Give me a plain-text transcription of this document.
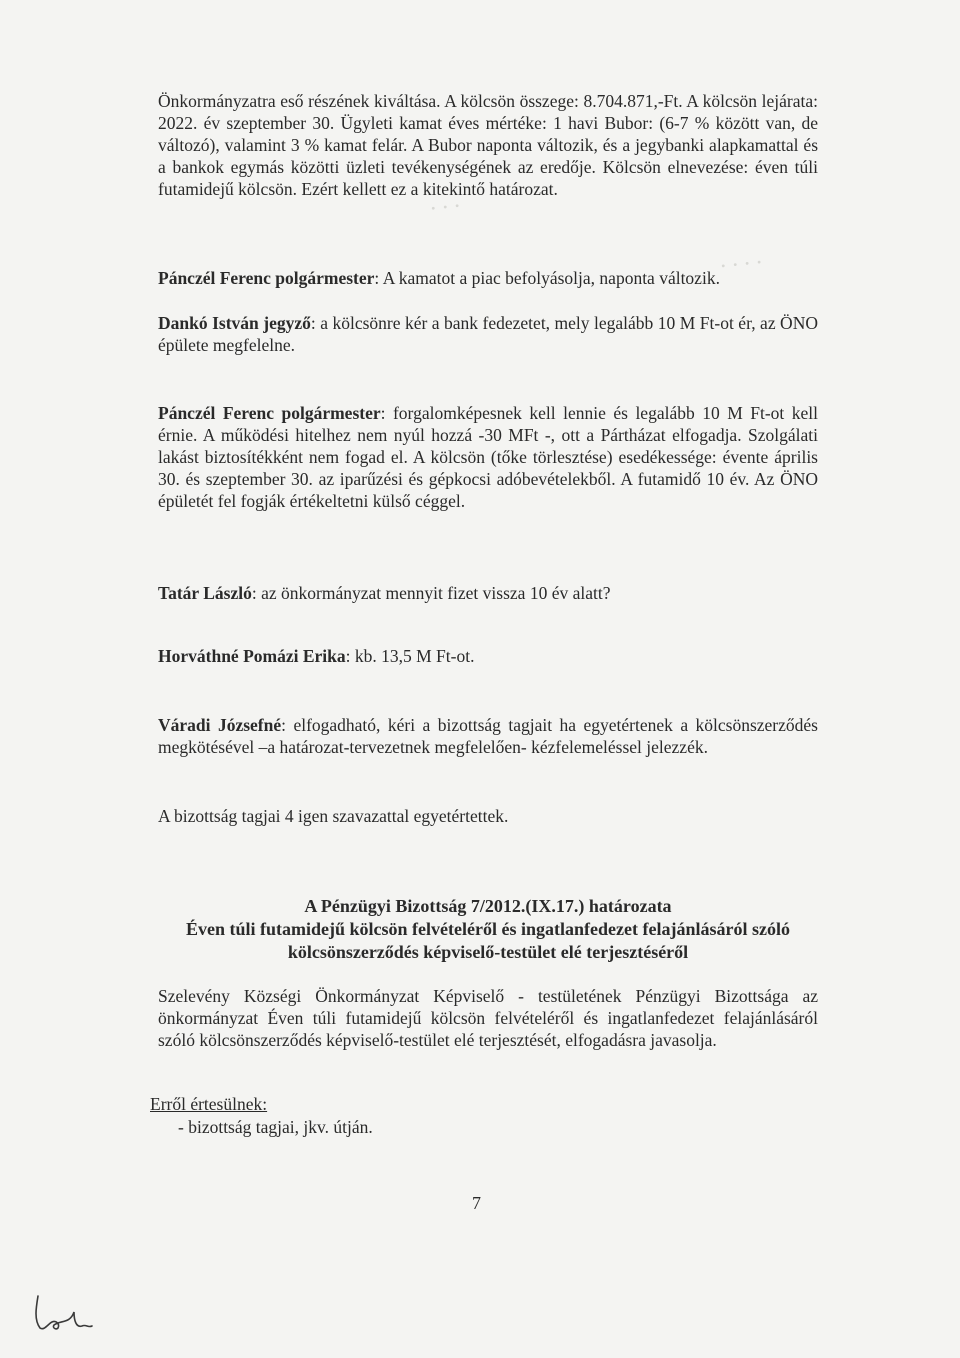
· · ·
· · · ·

Önkormányzatra eső részének kiváltása. A kölcsön összege: 8.704.871,-Ft. A kölcsön lejárata: 2022. év szeptember 30. Ügyleti kamat éves mértéke: 1 havi Bubor: (6-7 % között van, de változó), valamint 3 % kamat felár. A Bubor naponta változik, és a jegybanki alapkamattal és a bankok egymás közötti üzleti tevékenységének az eredője. Kölcsön elnevezése: éven túli futamidejű kölcsön. Ezért kellett ez a kitekintő határozat.

Pánczél Ferenc polgármester: A kamatot a piac befolyásolja, naponta változik.

Dankó István jegyző: a kölcsönre kér a bank fedezetet, mely legalább 10 M Ft-ot ér, az ÖNO épülete megfelelne.

Pánczél Ferenc polgármester: forgalomképesnek kell lennie és legalább 10 M Ft-ot kell érnie. A működési hitelhez nem nyúl hozzá -30 MFt -, ott a Pártházat elfogadja. Szolgálati lakást biztosítékként nem fogad el. A kölcsön (tőke törlesztése) esedékessége: évente április 30. és szeptember 30. az iparűzési és gépkocsi adóbevételekből. A futamidő 10 év. Az ÖNO épületét fel fogják értékeltetni külső céggel.

Tatár László: az önkormányzat mennyit fizet vissza 10 év alatt?

Horváthné Pomázi Erika: kb. 13,5 M Ft-ot.

Váradi Józsefné: elfogadható, kéri a bizottság tagjait ha egyetértenek a kölcsönszerződés megkötésével –a határozat-tervezetnek megfelelően- kézfelemeléssel jelezzék.

A bizottság tagjai 4 igen szavazattal egyetértettek.

A Pénzügyi Bizottság 7/2012.(IX.17.) határozata
Éven túli futamidejű kölcsön felvételéről és ingatlanfedezet felajánlásáról szóló
kölcsönszerződés képviselő-testület elé terjesztéséről

Szelevény Községi Önkormányzat Képviselő - testületének Pénzügyi Bizottsága az önkormányzat Éven túli futamidejű kölcsön felvételéről és ingatlanfedezet felajánlásáról szóló kölcsönszerződés képviselő-testület elé terjesztését, elfogadásra javasolja.

Erről értesülnek:

- bizottság tagjai, jkv. útján.

7
